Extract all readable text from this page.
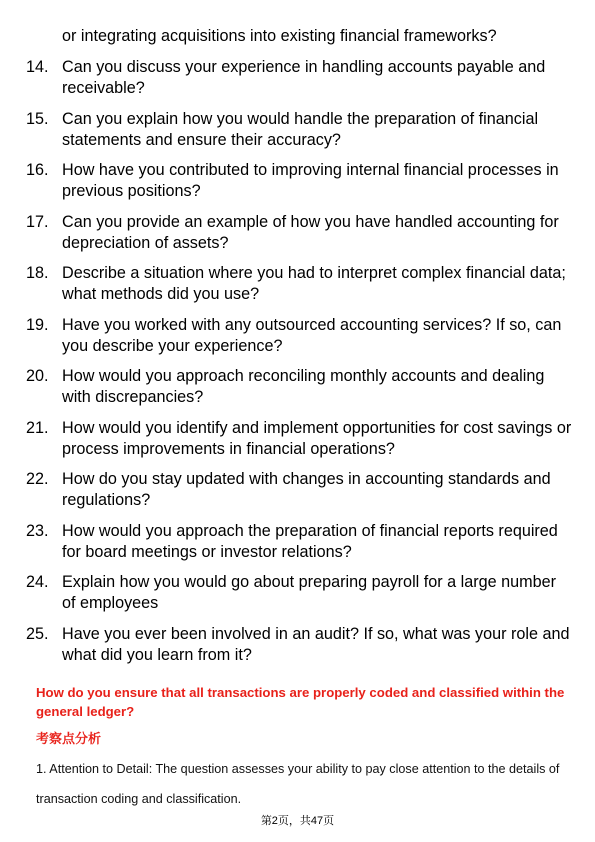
or integrating acquisitions into existing financial frameworks?
14. Can you discuss your experience in handling accounts payable and receivable?
15. Can you explain how you would handle the preparation of financial statements and ensure their accuracy?
16. How have you contributed to improving internal financial processes in previous positions?
17. Can you provide an example of how you have handled accounting for depreciation of assets?
18. Describe a situation where you had to interpret complex financial data; what methods did you use?
19. Have you worked with any outsourced accounting services? If so, can you describe your experience?
20. How would you approach reconciling monthly accounts and dealing with discrepancies?
21. How would you identify and implement opportunities for cost savings or process improvements in financial operations?
22. How do you stay updated with changes in accounting standards and regulations?
23. How would you approach the preparation of financial reports required for board meetings or investor relations?
24. Explain how you would go about preparing payroll for a large number of employees
25. Have you ever been involved in an audit? If so, what was your role and what did you learn from it?
How do you ensure that all transactions are properly coded and classified within the general ledger?
考察点分析
1. Attention to Detail: The question assesses your ability to pay close attention to the details of transaction coding and classification.
第2页，共47页
